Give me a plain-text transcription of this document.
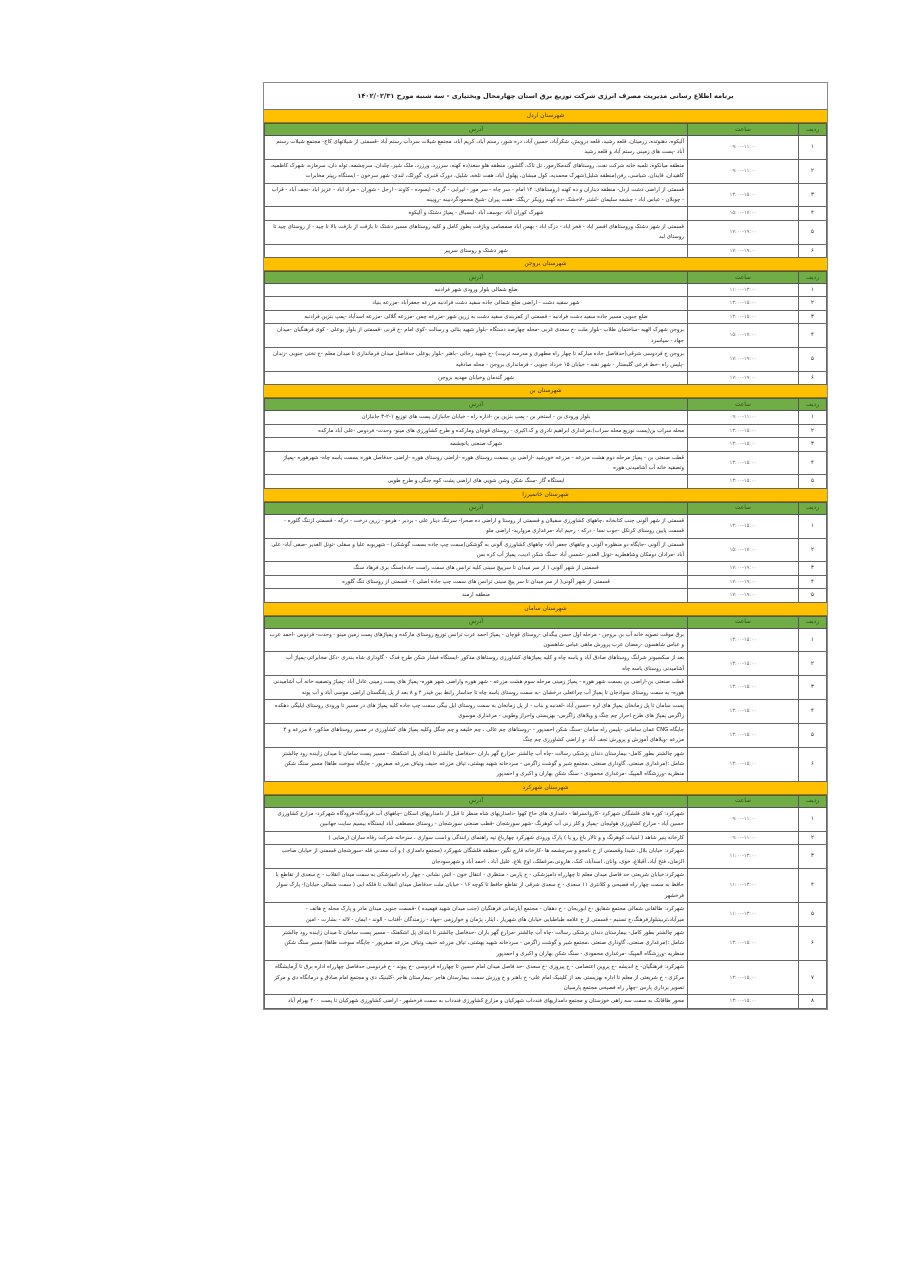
برنامه اطلاع رسانی مدیریت مصرف انرژی شرکت توزیع برق استان چهارمحال وبختیاری - سه شنبه مورخ ۱۴۰۲/۰۲/۳۱
شهرستان اردل
ردیف	ساعت	آدرس
۱	۰۹:۰۰-۱۱:۰۰	آلیکوه، دهنوتده، زرمیتان، قلعه رشید، قلعه درویش، شکرآباد، حسین آباد، دره شور، رستم آباد، کریم آباد، مجتمع شیلات سردآب رستم آباد -قسمتی از شیلاتهای کاج- مجتمع شیلات رستم آباد -پست های زمینی رستم آباد و قلعه رشید
۲	۰۹:۰۰-۱۱:۰۰	منطقه میانکوه، تلمبه خانه شرکت نفت، روستاهای گندمکارمور، تل تاک، گلشور، منطقه هلو سعد(ده کهنه، سرزرد، ورزرد، ملک شیر، چلدان، سرچشمه، توله دان، سرمازه، شهرک کاظمیه، کاهیدان، قایدان، شیاسی، رفن(منطقه شلیل(شهرک محمدیه، کول میشان، پهلول آباد، هفت تلخه، شلیل، دورک قنبری، گورلک، لندی- شهر سرخون - ایستگاه رپیتر مخابرات
۳	۱۳:۰۰-۱۵:۰۰	قسمتی از اراضی دشت اردل- منطقه دیناران و ده کهنه (روستاهای: ۱۴ امام - سر چاه - سر مور - لیرابی - گری - ایسوده - کاوند - ارجل - شوران - مراد اباد - عزیز اباد -نجف آباد - قراب - چوبلان - عباس اباد - چشمه سلیمان -لشتر -لاخشک -ده کهنه رویکر -ریگک -هفت پیران -شیخ محمودگردبینه -رویینه
۴	۱۵:۰۰-۱۷:۰۰	شهرک کوران آباد -یوسف آباد -لیسیاق - پمپاژ دشتک و آلیکوه
۵	۱۷:۰۰-۱۹:۰۰	قسمتی از شهر دشتک وروستاهای افسر اباد - فخر اباد - دزک اباد - بهمن اباد صمصامی وبازفت بطور کامل و کلیه روستاهای مسیر دشتک تا بازفت از بازفت بالا تا چید - از روستای چید تا روستای لبد
۶	۱۷:۰۰-۱۹:۰۰	شهر دشتک و روستای سرپیر
شهرستان بروجن
ردیف	ساعت	آدرس
۱	۱۱:۰۰-۱۳:۰۰	ضلع شمالی بلوار ورودی شهر فرادنبه
۲	۱۳:۰۰-۱۵:۰۰	شهر سفید دشت - اراضی ضلع شمالی جاده سفید دشت فرادنبه مزرعه جعفرآباد -مزرعه بنیاد
۳	۱۳:۰۰-۱۵:۰۰	ضلع جنوبی مسیر جاده سفید دشت فرادنبه - قسمتی از کمربندی سفید دشت به زرین شهر -مزرعه چمن -مزرعه گلالی -مزرعه اسدآباد -پمپ بنزین فرادنبه
۴	۱۵:۰۰-۱۷:۰۰	بروجن شهرک الهیه -ساختمان طلاب -بلوار ملت -خ سعدی غربی -محله چهارصد دستگاه -بلوار شهید بنائی و رسالت -کوی امام -خ قرنی -قسمتی از بلوار بوعلی - کوی فرهنگیان -میدان جهاد - سیاسرد
۵	۱۷:۰۰-۱۹:۰۰	بروجن خ فردوسی شرقی(حدفاصل جاده مبارکه تا چهار راه مطهری و مدرسه تربیت) -خ شهید رجائی -باهنر -بلوار بوعلی حدفاصل میدان فرمانداری تا میدان معلم -خ تختی جنوبی -زندان -پلیس راه -خط فرعی گلبستار - شهر نقنه - خیابان ۱۵ خرداد جنوبی - فرمانداری بروجن - محله صادقیه
۶	۱۷:۰۰-۱۹:۰۰	شهر گندمان وخیابان مهدیه بروجن
شهرستان بن
ردیف	ساعت	آدرس
۱	۰۹:۰۰-۱۱:۰۰	بلوار ورودی بن - استخر بن - پمپ بنزین بن -اداره راه - خیابان جانبازان پست های توزیع ۱-۲-۳ جانبازان
۲	۱۳:۰۰-۱۵:۰۰	محله سراب بن(پست توزیع محله سراب)،مرغداری ابراهیم نادری و ک.اکبری - روستای قوچان ومارکده و طرح کشاورزی های مینو- وحدت- فردوس -علی آباد مارکده
۳	۱۳:۰۰-۱۵:۰۰	شهرک صنعتی یانچشمه
۴	۱۳:۰۰-۱۵:۰۰	قطب صنعتی بن - پمپاژ مرحله دوم هشت مزرعه - مزرعه خورشید -اراضی بن بسمت روستای هوره -اراضی روستای هوره -اراضی حدفاصل هوره بسمت یاسه چاه- شهرهوره -پمپاژ وتصفیه خانه آب آشامیدنی هوره
۵	۱۳:۰۰-۱۵:۰۰	ایستگاه گاز -سنگ شکن وشن شویی های اراضی پشت کوه جنگی و طرح طوبی
شهرستان خانمیرزا
ردیف	ساعت	آدرس
۱	۱۳:۰۰-۱۵:۰۰	قسمتی از شهر آلونی جنب کتابخانه ،چاههای کشاورزی سفیلان و قسمتی از روستا و اراضی ده صحرا- سرتنگ دینار علی - بردبر - هرمو - زرین درخت - درکه - قسمتی ازتنگ گلوره - قسمت پایین روستای کرتکل -جوب نسا - درکه - رحیم اباد -مرغداری مروارید- اراضی ملو
۲	۱۵:۰۰-۱۷:۰۰	قسمتی از آلونی -جایگاه دو منظوره آلونی و چاههای جعفر آباد- چاههای کشاورزی آلونی به گوشکی(سمت چپ جاده بسمت گوشکی) - شهریوبه علیا و سفلی -تونل الغدیر -صفی آباد- علی آباد -مرادان دومکان وشاهطریه -تونل الغدیر -شمس آباد -سنگ شکن ادیب، پمپاژ آب کره بس
۳	۱۷:۰۰-۱۹:۰۰	قسمتی از شهر آلونی ( از سر میدان تا سرپیچ سینی کلیه ترانس های سمت راست جاده)سنگ بری فرهاد سنگ
۴	۱۷:۰۰-۱۹:۰۰	قسمتی از شهر آلونی( از سر میدان تا سر پیچ سینی ترانس های سمت چپ جاده اصلی ) - قسمتی از روستای تنگ گلوره
۵	۱۷:۰۰-۱۹:۰۰	منطقه ارمند
شهرستان سامان
ردیف	ساعت	آدرس
۱	۱۳:۰۰-۱۵:۰۰	برق موقت تصویه خانه آب بن بروجن - مرحله اول حسن بیگدلی -روستای قوچان - پمپاژ احمد عرب ترانس توزیع روستای مارکده و پمپاژهای پست زمین مینو - وحدت- فردوس -احمد عرب و عباس شاهسون -رمضان عرب پرورش ماهی عباس شاهسون
۲	۱۳:۰۰-۱۵:۰۰	بعد از سکسیونر شرلنگ روستاهای صادق آباد و یاسه چاه و کلیه پمپاژهای کشاورزی روستاهای مذکور -ایستگاه فشار شکن طرح فدک - گاوداری شاه بندری -دکل مخابراتی-پمپاژ آب آشامیدنی روستای یاسه چاه
۳	۱۳:۰۰-۱۵:۰۰	قطب صنعتی بن-اراضی بن بسمت شهر هوره - پمپاژ زمینی مرحله سوم هشت مزرعه - شهر هوره واراضی شهر هوره- پمپاژ های پست زمینی عادل آباد -پمپاژ وتصفیه خانه آب آشامیدنی هوره- به سمت روستای سوادجان تا پمپاژ آب چراغعلی درخشان -به سمت روستای یاسه چاه تا جداساز رابط بین فیدر ۴ و ۸ بعد از پل پلنگستان اراضی موسی آباد و آب پونه
۴	۱۳:۰۰-۱۵:۰۰	پست سامان تا پل زمانخان پمپاژ های لره -حسین آباد -لغدنبه و بناب - از پل زمانخان به سمت روستای ایل بیگی سمت چپ جاده کلیه پمپاژ های در مسیر تا ورودی روستای ایلیگی دهکده زاگرس پمپاژ های طرح احراز چم چنگ و ویلاهای زاگرس- بهزیستی واحراز وطوبی - مرغداری موسوی
۵	۱۳:۰۰-۱۵:۰۰	جایگاه CNG عمان سامانی -پلیس راه سامان -سنگ شکن احمدپور - -روستاهای چم عالی ، چم خلیفه و چم جنگل وکلیه پمپاژ های کشاورزی در مسیر روستاهای مذکور- ۸ مزرعه و ۴ مزرعه -ویلاهای آموزش و پرورش نجف آباد -و اراضی کشاورزی چم چنگ
۶	۱۳:۰۰-۱۵:۰۰	شهر چالشتر بطور کامل- بیمارستان دندان پزشکی رسالت -چاه آب چالشتر -مزارع گهر باران -حدفاصل چالشتر تا ابتدای پل اشکفتک - مسیر پست سامان تا میدان زاینده رود چالشتر شامل :(مرغداری صنعتی، گاوداری صنعتی ،مجتمع شیر و گوشت زاگرس - سردخانه شهید بهشتی، تیاف مزرعه حنیف وتیاف مزرعه صفرپور - جایگاه سوخت طاها) مسیر سنگ شکن منظریه -ورزشگاه المپیک -مرغداری محمودی - سنگ شکن بهاران و اکبری و احمدپور
شهرستان شهرکرد
ردیف	ساعت	آدرس
۱	۰۹:۰۰-۱۱:۰۰	شهرکرد: کوره های فلشگان شهرکرد -کاروانسراها - دامداری های حاج کهوا -دامداریهای شاه منظر تا قبل از دامداریهای اسکان -چاههای آب فرودگاه-فرودگاه شهرکرد- مزارع کشاورزی حسین آباد - مزارع کشاورزی هولیجان -پمپاژ و کلر زنی آب کوهرنگ -شهر سورشجان -قطب صنعتی سورشجان - روستای مصطفی آباد ایستگاه بیسیم سایت جهانبین
۲	۰۹:۰۰-۱۱:۰۰	کارخانه پنیر شاهد ( لبنیات کوهرنگ و و تالار باغ رو یا ) پارک ورودی شهرکرد چهارباغ تپه راهنمای رانندگی و اسب سواری ، سرخانه شرکت رفاه سازان (رضایی )
۳	۱۱:۰۰-۱۳:۰۰	شهرکرد: خیابان بلال، شیدا وقسمتی از خ نامجو و سرچشمه ها -کارخانه قارچ نگین -منطقه فلشگان شهرکرد (مجتمع دامداری ) و آب معدنی قله -سورشجان قسمتی از خیابان صاحب الزمان، فتح آباد، آقبلاغ، خوی، وانان، اسدآباد، کنک، هارونی،مرغملک، اوج بلاغ، علیل آباد ، احمد آباد و شهرسودجان
۴	۱۱:۰۰-۱۳:۰۰	شهرکرد:خیابان شریعتی حد فاصل میدان معلم تا چهارراه دامپزشکی - خ پارس - منتظری - انتقال خون - اتش نشانی - چهار راه دامپزشکی به سمت میدان انقلاب - خ سعدی از تقاطع با حافظ به سمت چهار راه فصیحی و کلانتری ۱۱ سعدی - خ سعدی شرقی از تقاطع حافظ تا کوچه ۱۶ - خیابان ملت حدفاصل میدان انقلاب تا فلکه ابی ( سمت شمالی خیابان)- پارک سوار فرخشهر
۵	۱۱:۰۰-۱۳:۰۰	شهرکرد: طالقانی شمالی مجتمع شقایق -خ ابوریحان - خ دهقان - مجتمع آپارتمانی فرهنگیان (جنب میدان شهید فهمیده ) -قسمت جنوبی میدان مادر و پارک محله خ هاتف - میرآباد،تربیتبلوارفرهنگ،خ تسنیم - قسمتی از خ علامه طباطبایی خیابان های شهریار ، ایثار، پژمان و خوارزمی -جهاد - رزمندگان -آفتاب - الوند - ایمان - لاله - بشارت - امین
۶	۱۳:۰۰-۱۵:۰۰	شهر چالشتر بطور کامل- بیمارستان دندان پزشکی رسالت -چاه آب چالشتر -مزارع گهر باران -حدفاصل چالشتر تا ابتدای پل اشکفتک - مسیر پست سامان تا میدان زاینده رود چالشتر شامل :(مرغداری صنعتی، گاوداری صنعتی ،مجتمع شیر و گوشت زاگرس - سردخانه شهید بهشتی، تیاف مزرعه حنیف وتیاف مزرعه صفرپور - جایگاه سوخت طاها) مسیر سنگ شکن منظریه -ورزشگاه المپیک -مرغداری محمودی - سنگ شکن بهاران و اکبری و احمدپور
۷	۱۳:۰۰-۱۵:۰۰	شهرکرد: فرهنگیان- خ اندیشه -خ پروین اعتصامی - خ پیروزی -خ سعدی -حد فاصل میدان امام حسین تا چهارراه فردوسی -خ پیوند - خ فردوسی حدفاصل چهارراه اداره برق تا آزمایشگاه مرکزی - خ شریعتی از معلم تا اداره بهزیستی بعد از کلینیک امام علی- خ باهنر و خ ورزش سمت بیمارستان هاجر -بیمارستان هاجر -کلینیک دی و مجتمع امام صادق و درمانگاه دی و مرکز تصویر برداری پارس -چهار راه فصیحی مجتمع پارسیان
۸	۱۳:۰۰-۱۵:۰۰	محور طاقانک به سمت سه راهی خوزستان و مجتمع دامداریهای فندداب شهرکیان و مزارع کشاورزی فندداب به سمت فرخشهر - اراضی کشاورزی شهرکیان تا پست ۴۰۰ بهرام آباد
